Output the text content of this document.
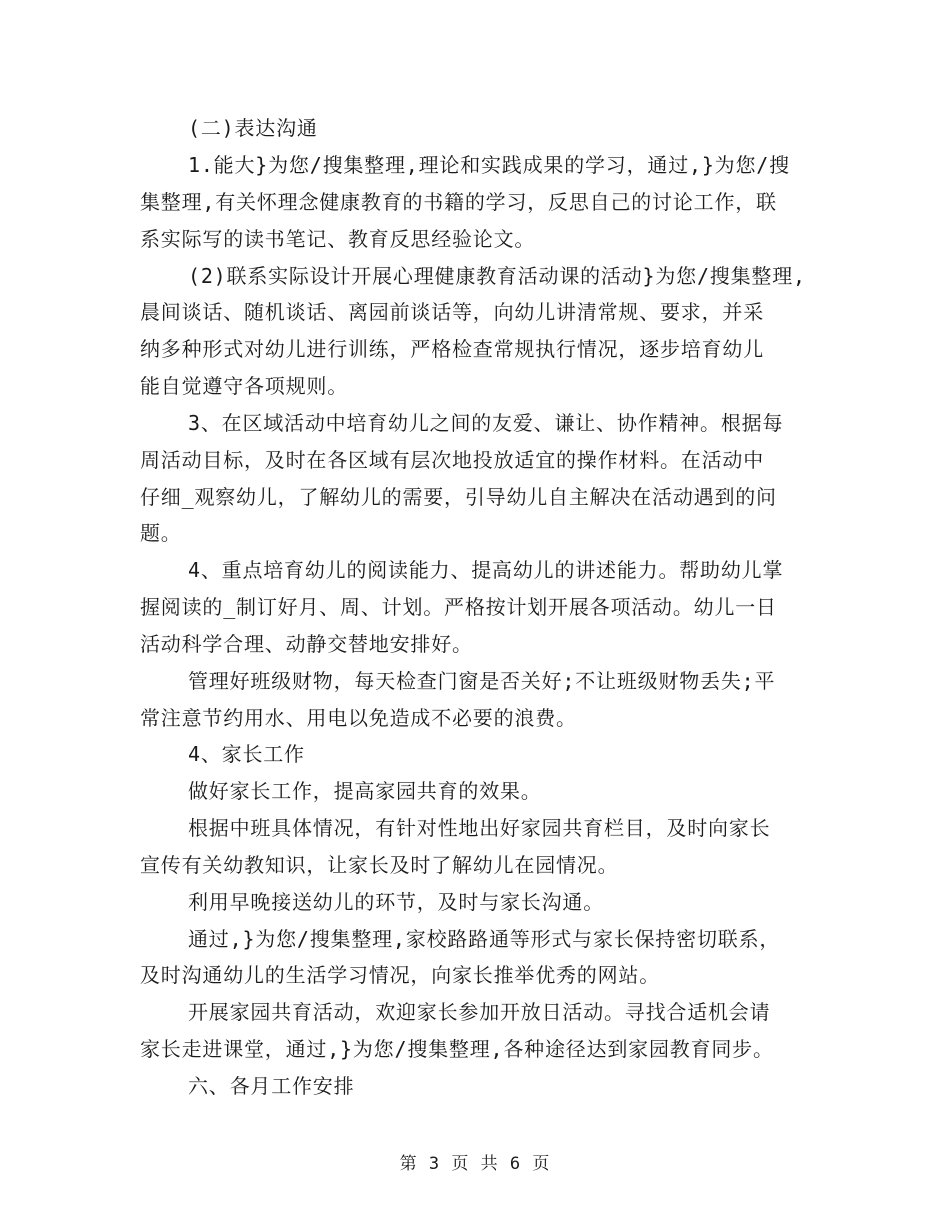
(二)表达沟通
1.能大}为您/搜集整理,理论和实践成果的学习，通过,}为您/搜
集整理,有关怀理念健康教育的书籍的学习，反思自己的讨论工作，联
系实际写的读书笔记、教育反思经验论文。
(2)联系实际设计开展心理健康教育活动课的活动}为您/搜集整理,
晨间谈话、随机谈话、离园前谈话等，向幼儿讲清常规、要求，并采
纳多种形式对幼儿进行训练，严格检查常规执行情况，逐步培育幼儿
能自觉遵守各项规则。
3、在区域活动中培育幼儿之间的友爱、谦让、协作精神。根据每
周活动目标，及时在各区域有层次地投放适宜的操作材料。在活动中
仔细_观察幼儿，了解幼儿的需要，引导幼儿自主解决在活动遇到的问
题。
4、重点培育幼儿的阅读能力、提高幼儿的讲述能力。帮助幼儿掌
握阅读的_制订好月、周、计划。严格按计划开展各项活动。幼儿一日
活动科学合理、动静交替地安排好。
管理好班级财物，每天检查门窗是否关好;不让班级财物丢失;平
常注意节约用水、用电以免造成不必要的浪费。
4、家长工作
做好家长工作，提高家园共育的效果。
根据中班具体情况，有针对性地出好家园共育栏目，及时向家长
宣传有关幼教知识，让家长及时了解幼儿在园情况。
利用早晚接送幼儿的环节，及时与家长沟通。
通过,}为您/搜集整理,家校路路通等形式与家长保持密切联系，
及时沟通幼儿的生活学习情况，向家长推举优秀的网站。
开展家园共育活动，欢迎家长参加开放日活动。寻找合适机会请
家长走进课堂，通过,}为您/搜集整理,各种途径达到家园教育同步。
六、各月工作安排
第 3 页 共 6 页
